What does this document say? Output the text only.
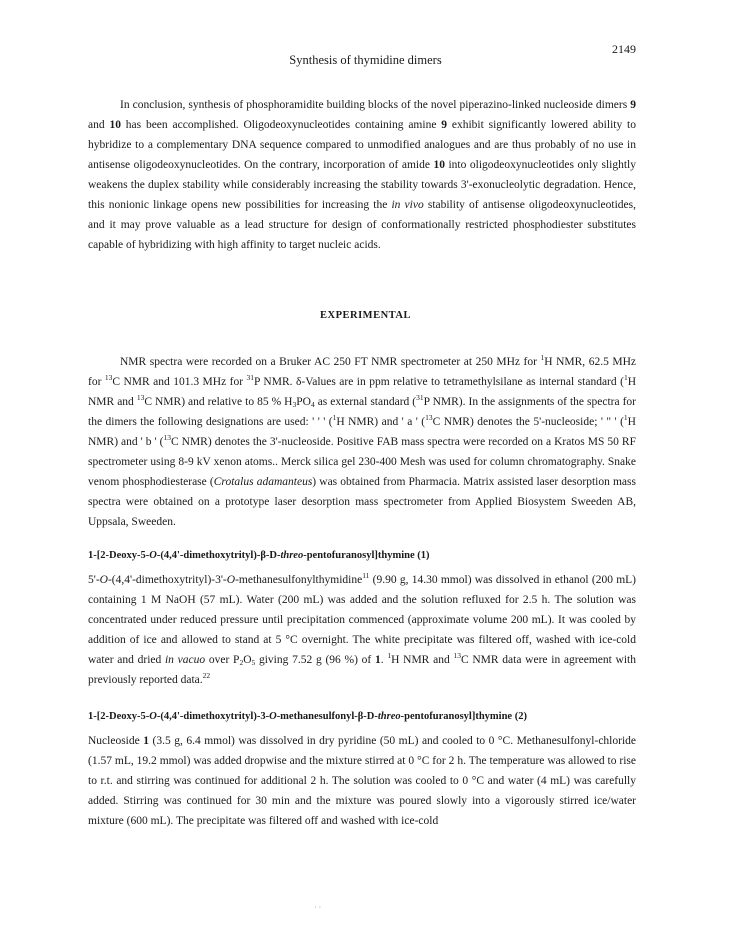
2149
Synthesis of thymidine dimers

In conclusion, synthesis of phosphoramidite building blocks of the novel piperazino-linked nucleoside dimers 9 and 10 has been accomplished. Oligodeoxynucleotides containing amine 9 exhibit significantly lowered ability to hybridize to a complementary DNA sequence compared to unmodified analogues and are thus probably of no use in antisense oligodeoxynucleotides. On the contrary, incorporation of amide 10 into oligodeoxynucleotides only slightly weakens the duplex stability while considerably increasing the stability towards 3'-exonucleolytic degradation. Hence, this nonionic linkage opens new possibilities for increasing the in vivo stability of antisense oligodeoxynucleotides, and it may prove valuable as a lead structure for design of conformationally restricted phosphodiester substitutes capable of hybridizing with high affinity to target nucleic acids.

EXPERIMENTAL

NMR spectra were recorded on a Bruker AC 250 FT NMR spectrometer at 250 MHz for $^1$H NMR, 62.5 MHz for $^{13}$C NMR and 101.3 MHz for $^{31}$P NMR. δ-Values are in ppm relative to tetramethylsilane as internal standard ($^1$H NMR and $^{13}$C NMR) and relative to 85 % $H_3PO_4$ as external standard ($^{31}$P NMR). In the assignments of the spectra for the dimers the following designations are used: ' ' ' ($^1$H NMR) and ' a ' ($^{13}$C NMR) denotes the 5'-nucleoside; ' " ' ($^1$H NMR) and ' b ' ($^{13}$C NMR) denotes the 3'-nucleoside. Positive FAB mass spectra were recorded on a Kratos MS 50 RF spectrometer using 8-9 kV xenon atoms.. Merck silica gel 230-400 Mesh was used for column chromatography. Snake venom phosphodiesterase (Crotalus adamanteus) was obtained from Pharmacia. Matrix assisted laser desorption mass spectra were obtained on a prototype laser desorption mass spectrometer from Applied Biosystem Sweeden AB, Uppsala, Sweeden.

1-[2-Deoxy-5-O-(4,4'-dimethoxytrityl)-β-D-threo-pentofuranosyl]thymine (1)

5'-O-(4,4'-dimethoxytrityl)-3'-O-methanesulfonylthymidine$^{11}$ (9.90 g, 14.30 mmol) was dissolved in ethanol (200 mL) containing 1 M NaOH (57 mL). Water (200 mL) was added and the solution refluxed for 2.5 h. The solution was concentrated under reduced pressure until precipitation commenced (approximate volume 200 mL). It was cooled by addition of ice and allowed to stand at 5 °C overnight. The white precipitate was filtered off, washed with ice-cold water and dried in vacuo over $P_2O_5$ giving 7.52 g (96 %) of 1. $^1$H NMR and $^{13}$C NMR data were in agreement with previously reported data.$^{22}$

1-[2-Deoxy-5-O-(4,4'-dimethoxytrityl)-3-O-methanesulfonyl-β-D-threo-pentofuranosyl]thymine (2)

Nucleoside 1 (3.5 g, 6.4 mmol) was dissolved in dry pyridine (50 mL) and cooled to 0 °C. Methanesulfonyl-chloride (1.57 mL, 19.2 mmol) was added dropwise and the mixture stirred at 0 °C for 2 h. The temperature was allowed to rise to r.t. and stirring was continued for additional 2 h. The solution was cooled to 0 °C and water (4 mL) was carefully added. Stirring was continued for 30 min and the mixture was poured slowly into a vigorously stirred ice/water mixture (600 mL). The precipitate was filtered off and washed with ice-cold

· ·
